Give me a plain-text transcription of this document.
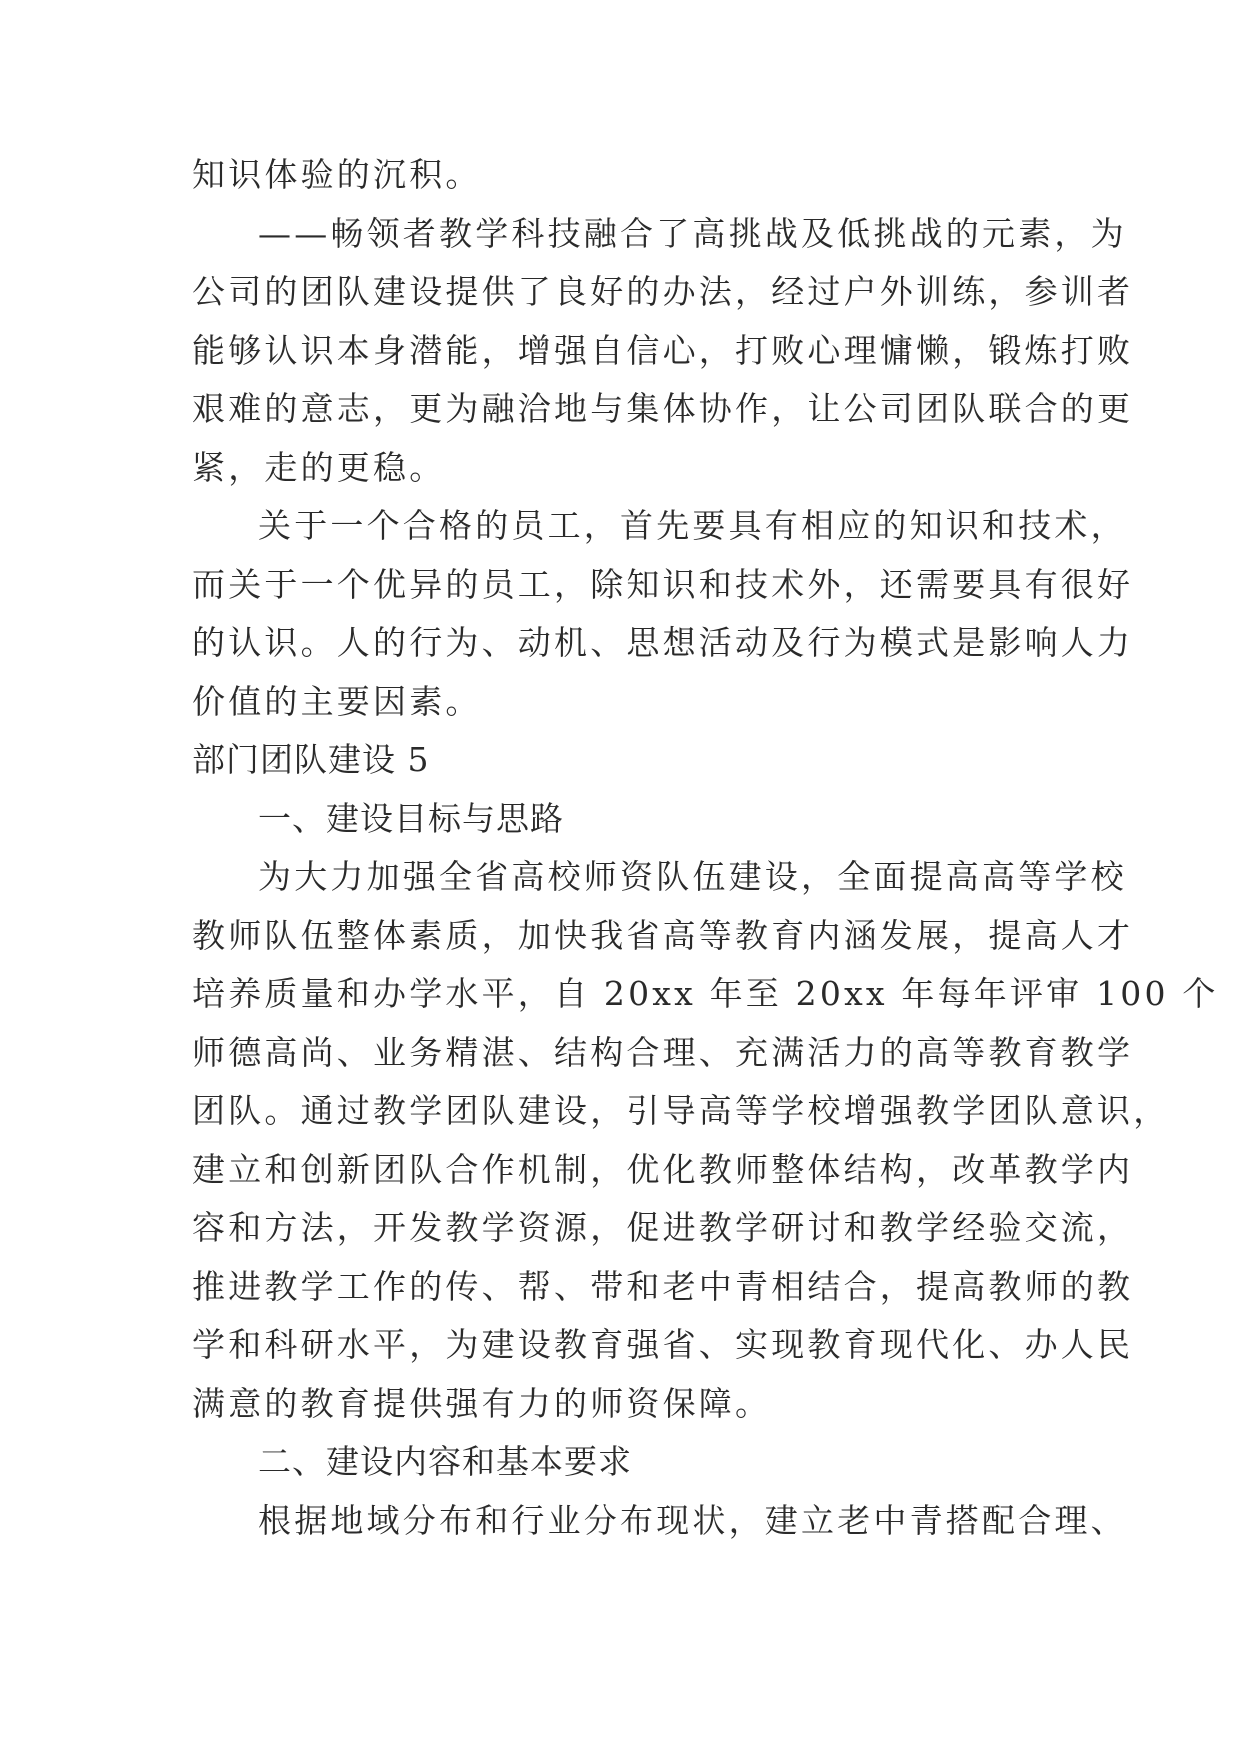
知识体验的沉积。
——畅领者教学科技融合了高挑战及低挑战的元素，为
公司的团队建设提供了良好的办法，经过户外训练，参训者
能够认识本身潜能，增强自信心，打败心理慵懒，锻炼打败
艰难的意志，更为融洽地与集体协作，让公司团队联合的更
紧，走的更稳。
关于一个合格的员工，首先要具有相应的知识和技术，
而关于一个优异的员工，除知识和技术外，还需要具有很好
的认识。人的行为、动机、思想活动及行为模式是影响人力
价值的主要因素。
部门团队建设 5
一、建设目标与思路
为大力加强全省高校师资队伍建设，全面提高高等学校
教师队伍整体素质，加快我省高等教育内涵发展，提高人才
培养质量和办学水平，自 20xx 年至 20xx 年每年评审 100 个
师德高尚、业务精湛、结构合理、充满活力的高等教育教学
团队。通过教学团队建设，引导高等学校增强教学团队意识，
建立和创新团队合作机制，优化教师整体结构，改革教学内
容和方法，开发教学资源，促进教学研讨和教学经验交流，
推进教学工作的传、帮、带和老中青相结合，提高教师的教
学和科研水平，为建设教育强省、实现教育现代化、办人民
满意的教育提供强有力的师资保障。
二、建设内容和基本要求
根据地域分布和行业分布现状，建立老中青搭配合理、
